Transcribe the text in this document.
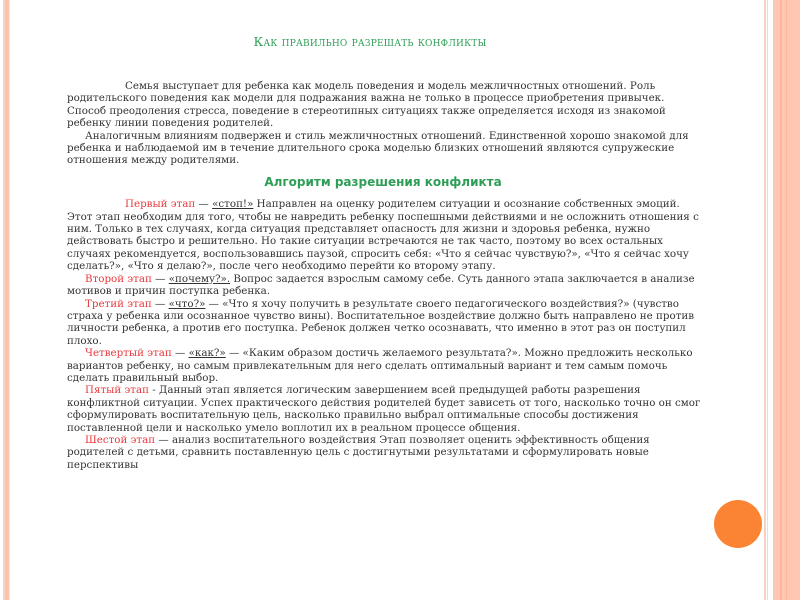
Как правильно разрешать конфликты

Семья выступает для ребенка как модель поведения и модель межличностных отношений. Роль родительского поведения как модели для подражания важна не только в процессе приобретения привычек. Способ преодоления стресса, поведение в стереотипных ситуациях также определяется исходя из знакомой ребенку линии поведения родителей.

Аналогичным влияниям подвержен и стиль межличностных отношений. Единственной хорошо знакомой для ребенка и наблюдаемой им в течение длительного срока моделью близких отношений являются супружеские отношения между родителями.

Алгоритм разрешения конфликта

Первый этап — «стоп!» Направлен на оценку родителем ситуации и осознание собственных эмоций. Этот этап необходим для того, чтобы не навредить ребенку поспешными действиями и не осложнить отношения с ним. Только в тех случаях, когда ситуация представляет опасность для жизни и здоровья ребенка, нужно действовать быстро и решительно. Но такие ситуации встречаются не так часто, поэтому во всех остальных случаях рекомендуется, воспользовавшись паузой, спросить себя: «Что я сейчас чувствую?», «Что я сейчас хочу сделать?», «Что я делаю?», после чего необходимо перейти ко второму этапу.

Второй этап — «почему?». Вопрос задается взрослым самому себе. Суть данного этапа заключается в анализе мотивов и причин поступка ребенка.

Третий этап — «что?» — «Что я хочу получить в результате своего педагогического воздействия?» (чувство страха у ребенка или осознанное чувство вины). Воспитательное воздействие должно быть направлено не против личности ребенка, а против его поступка. Ребенок должен четко осознавать, что именно в этот раз он поступил плохо.

Четвертый этап — «как?» — «Каким образом достичь желаемого результата?». Можно предложить несколько вариантов ребенку, но самым привлекательным для него сделать оптимальный вариант и тем самым помочь сделать правильный выбор.

Пятый этап - Данный этап является логическим завершением всей предыдущей работы разрешения конфликтной ситуации. Успех практического действия родителей будет зависеть от того, насколько точно он смог сформулировать воспитательную цель, насколько правильно выбрал оптимальные способы достижения поставленной цели и насколько умело воплотил их в реальном процессе общения.

Шестой этап — анализ воспитательного воздействия Этап позволяет оценить эффективность общения родителей с детьми, сравнить поставленную цель с достигнутыми результатами и сформулировать новые перспективы
